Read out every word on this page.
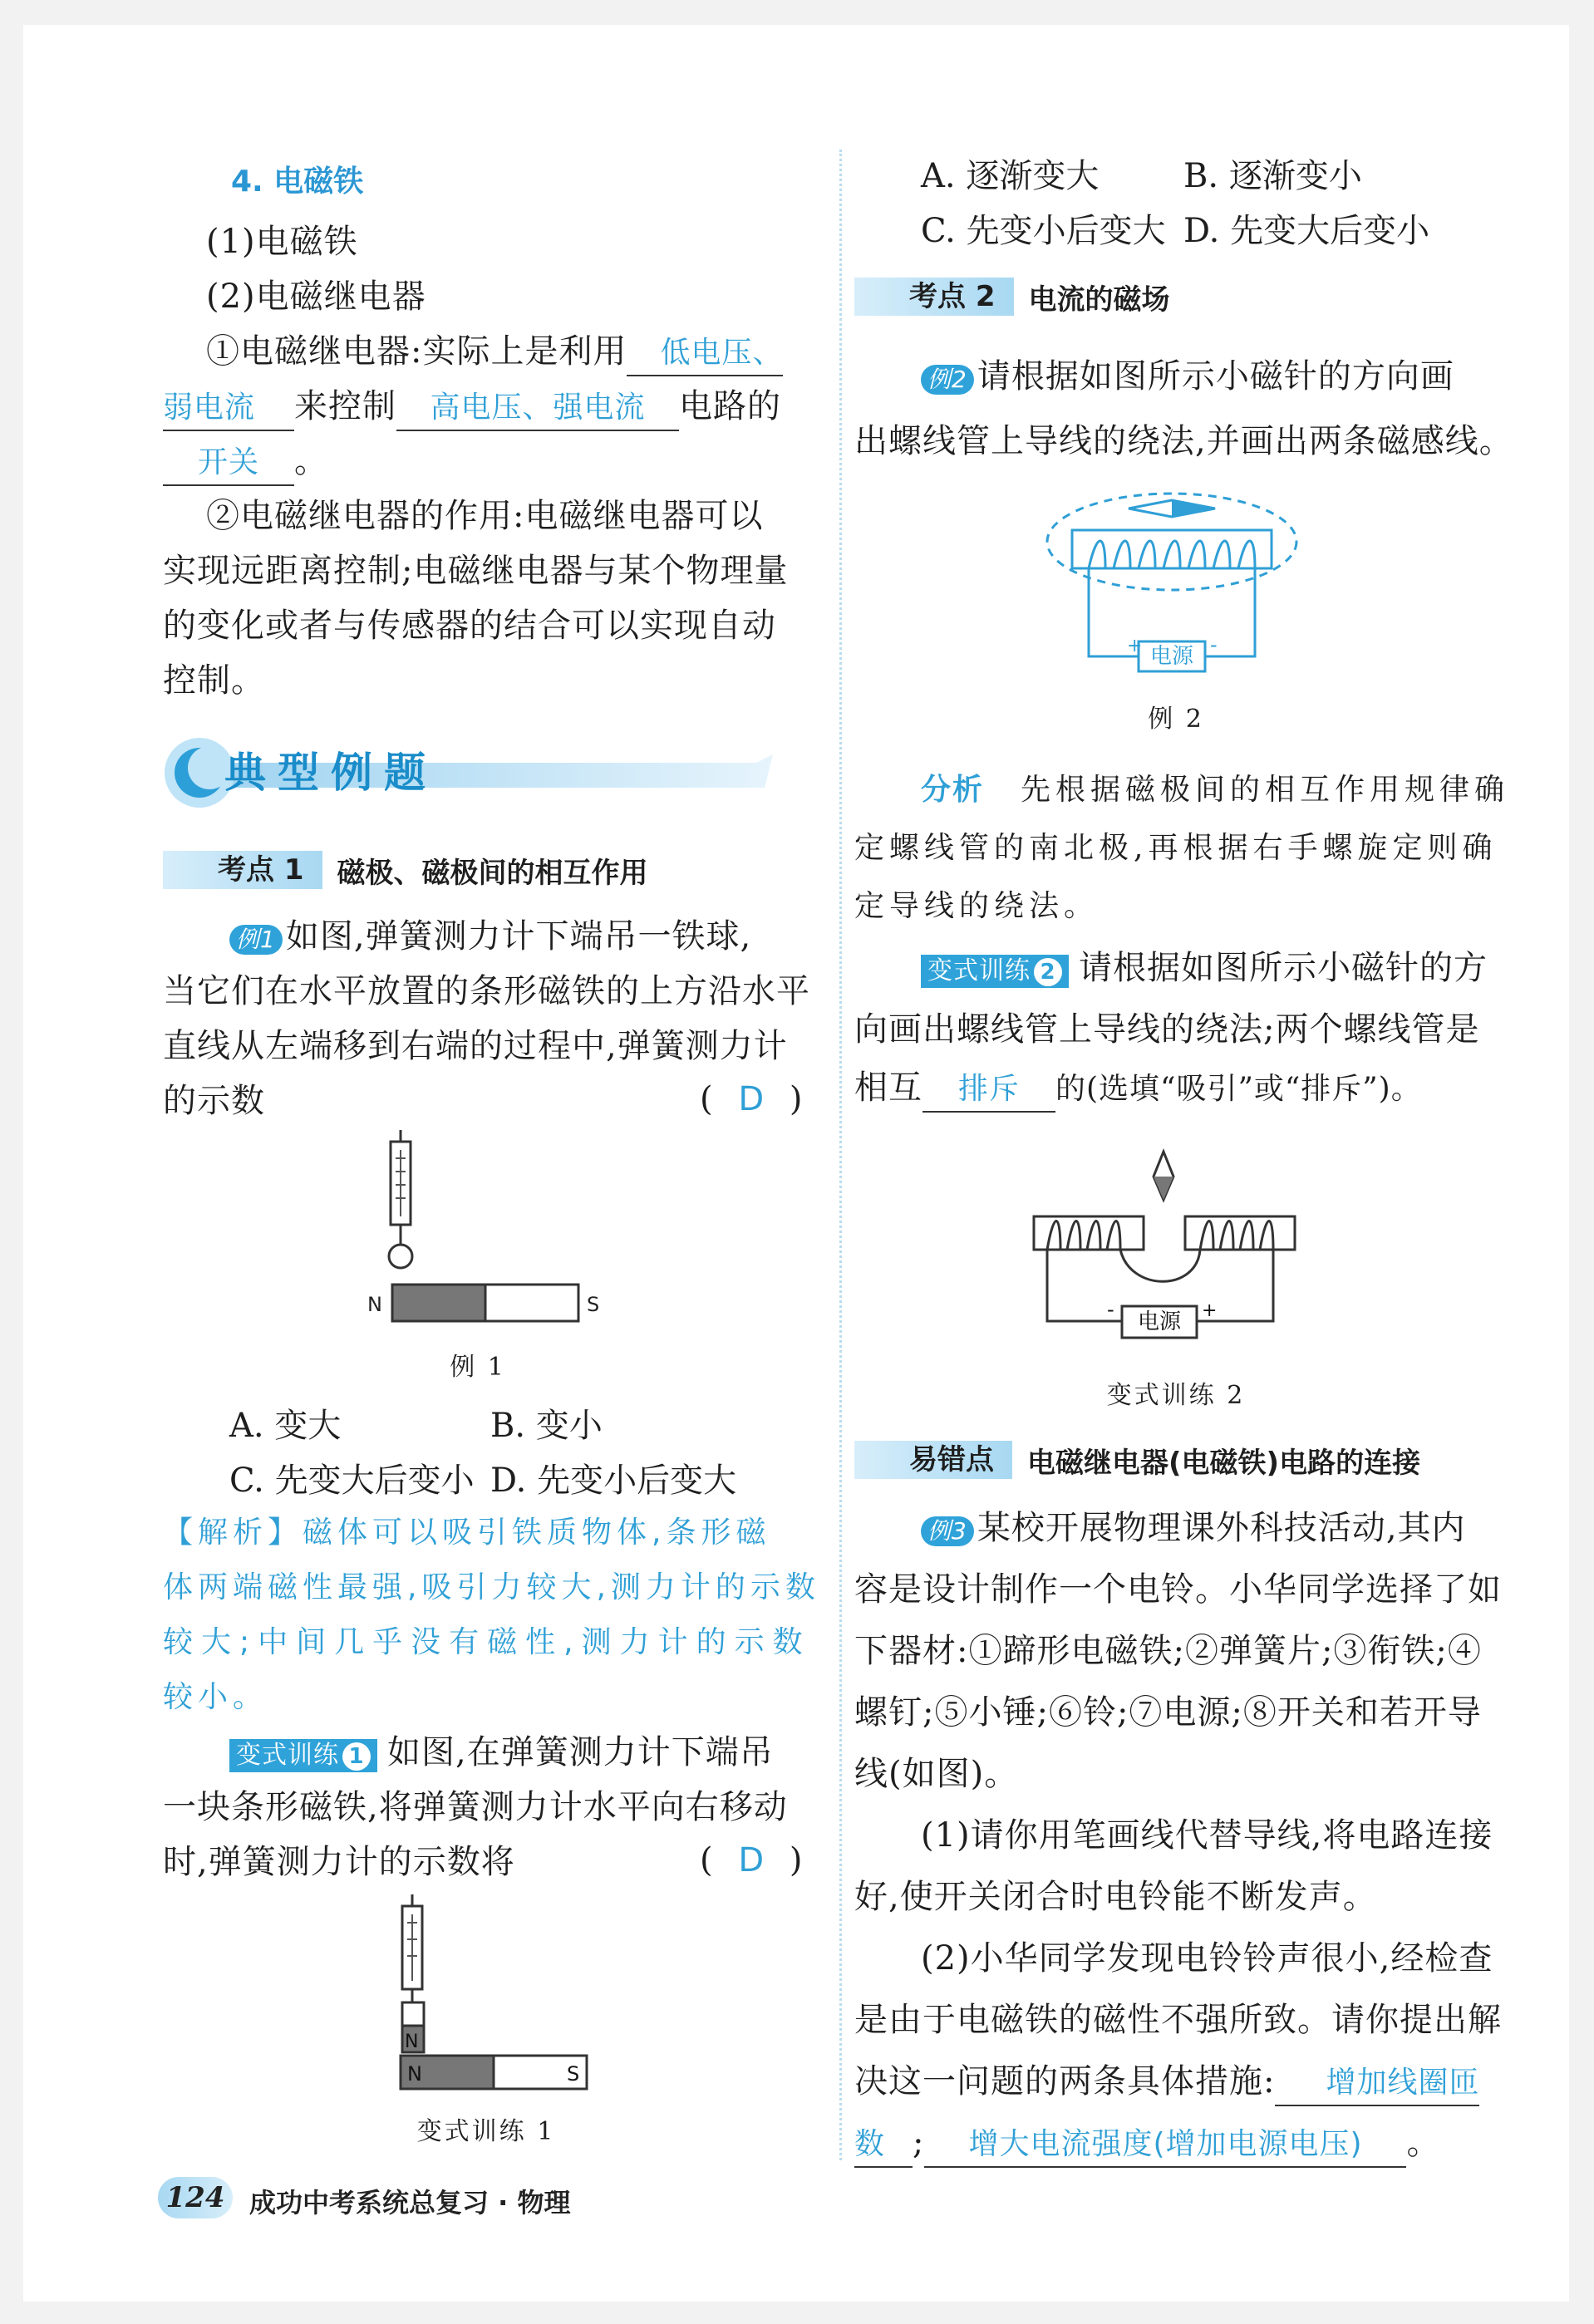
4. 电磁铁
(1)电磁铁
(2)电磁继电器
①电磁继电器:实际上是利用 低电压、
弱电流 来控制 高电压、强电流 电路的
开关 。
②电磁继电器的作用:电磁继电器可以
实现远距离控制;电磁继电器与某个物理量
的变化或者与传感器的结合可以实现自动
控制。
典型例题
考点 1	磁极、磁极间的相互作用
例1 如图,弹簧测力计下端吊一铁球,
当它们在水平放置的条形磁铁的上方沿水平
直线从左端移到右端的过程中,弹簧测力计
的示数	( D )
N	S
例 1
A. 变大	B. 变小
C. 先变大后变小 D. 先变小后变大
【解析】磁体可以吸引铁质物体,条形磁
体两端磁性最强,吸引力较大,测力计的示数
较大;中间几乎没有磁性,测力计的示数
较小。
变式训练 1 如图,在弹簧测力计下端吊
一块条形磁铁,将弹簧测力计水平向右移动
时,弹簧测力计的示数将	( D )
N
N	S
变式训练 1
A. 逐渐变大	B. 逐渐变小
C. 先变小后变大 D. 先变大后变小
考点 2	电流的磁场
例2 请根据如图所示小磁针的方向画
出螺线管上导线的绕法,并画出两条磁感线。
电源
+	-
例 2
分析 先根据磁极间的相互作用规律确
定螺线管的南北极,再根据右手螺旋定则确
定导线的绕法。
变式训练 2 请根据如图所示小磁针的方
向画出螺线管上导线的绕法;两个螺线管是
相互 排斥 的(选填“吸引”或“排斥”)。
电源
-	+
变式训练 2
易错点	电磁继电器(电磁铁)电路的连接
例3 某校开展物理课外科技活动,其内
容是设计制作一个电铃。小华同学选择了如
下器材:①蹄形电磁铁;②弹簧片;③衔铁;④
螺钉;⑤小锤;⑥铃;⑦电源;⑧开关和若开导
线(如图)。
(1)请你用笔画线代替导线,将电路连接
好,使开关闭合时电铃能不断发声。
(2)小华同学发现电铃铃声很小,经检查
是由于电磁铁的磁性不强所致。请你提出解
决这一问题的两条具体措施: 增加线圈匝
数 ; 增大电流强度(增加电源电压) 。
124 成功中考系统总复习 · 物理
